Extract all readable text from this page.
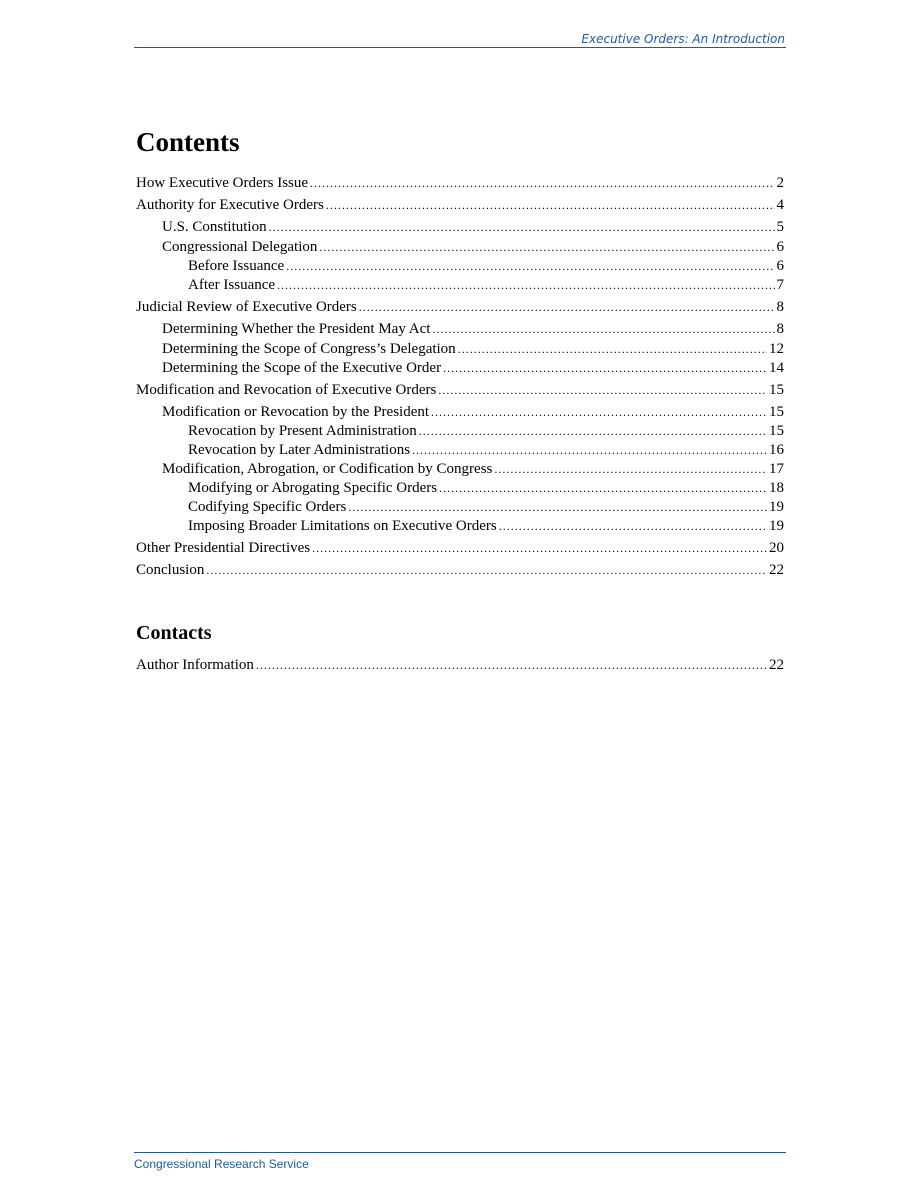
Executive Orders: An Introduction
Contents
How Executive Orders Issue .....	2
Authority for Executive Orders .....	4
U.S. Constitution .....	5
Congressional Delegation .....	6
Before Issuance .....	6
After Issuance .....	7
Judicial Review of Executive Orders .....	8
Determining Whether the President May Act .....	8
Determining the Scope of Congress’s Delegation .....	12
Determining the Scope of the Executive Order .....	14
Modification and Revocation of Executive Orders .....	15
Modification or Revocation by the President .....	15
Revocation by Present Administration .....	15
Revocation by Later Administrations .....	16
Modification, Abrogation, or Codification by Congress .....	17
Modifying or Abrogating Specific Orders .....	18
Codifying Specific Orders .....	19
Imposing Broader Limitations on Executive Orders .....	19
Other Presidential Directives .....	20
Conclusion .....	22
Contacts
Author Information .....	22
Congressional Research Service
